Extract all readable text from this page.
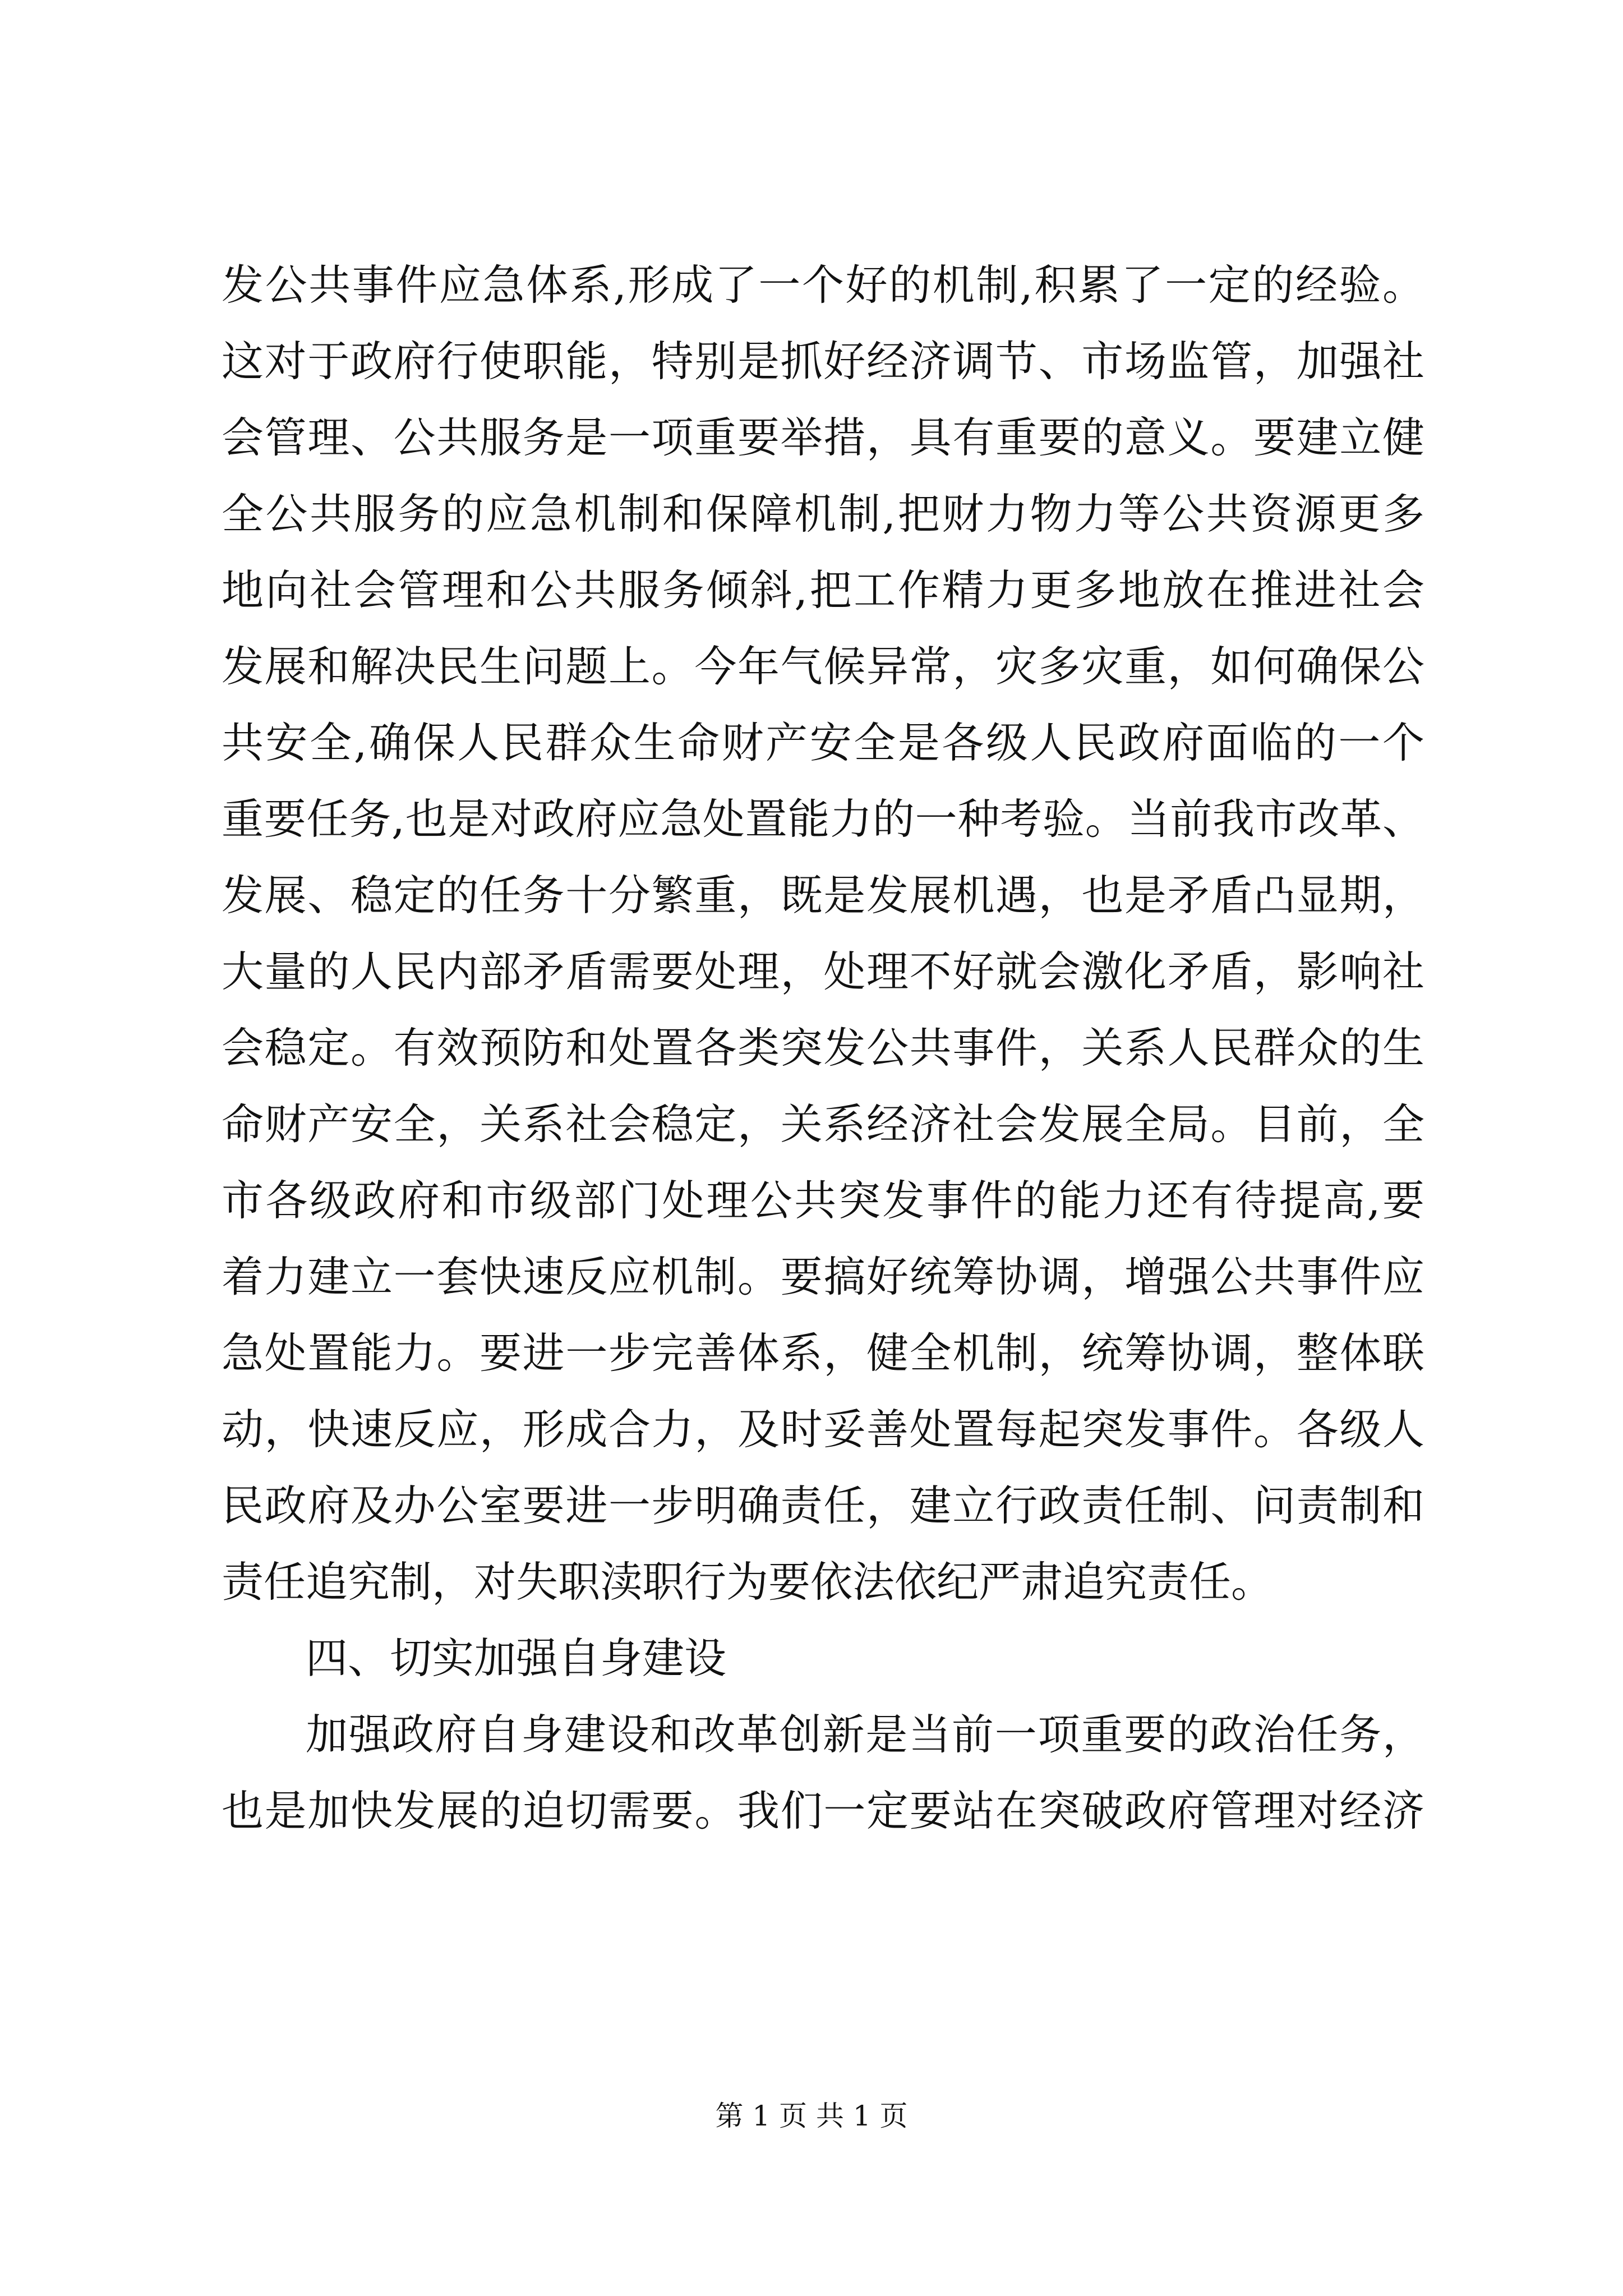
发公共事件应急体系,形成了一个好的机制,积累了一定的经验。
这对于政府行使职能，特别是抓好经济调节、市场监管，加强社
会管理、公共服务是一项重要举措，具有重要的意义。要建立健
全公共服务的应急机制和保障机制,把财力物力等公共资源更多
地向社会管理和公共服务倾斜,把工作精力更多地放在推进社会
发展和解决民生问题上。今年气候异常，灾多灾重，如何确保公
共安全,确保人民群众生命财产安全是各级人民政府面临的一个
重要任务,也是对政府应急处置能力的一种考验。当前我市改革、
发展、稳定的任务十分繁重，既是发展机遇，也是矛盾凸显期，
大量的人民内部矛盾需要处理，处理不好就会激化矛盾，影响社
会稳定。有效预防和处置各类突发公共事件，关系人民群众的生
命财产安全，关系社会稳定，关系经济社会发展全局。目前，全
市各级政府和市级部门处理公共突发事件的能力还有待提高,要
着力建立一套快速反应机制。要搞好统筹协调，增强公共事件应
急处置能力。要进一步完善体系，健全机制，统筹协调，整体联
动，快速反应，形成合力，及时妥善处置每起突发事件。各级人
民政府及办公室要进一步明确责任，建立行政责任制、问责制和
责任追究制，对失职渎职行为要依法依纪严肃追究责任。
四、切实加强自身建设
加强政府自身建设和改革创新是当前一项重要的政治任务，
也是加快发展的迫切需要。我们一定要站在突破政府管理对经济
第 1 页 共 1 页
